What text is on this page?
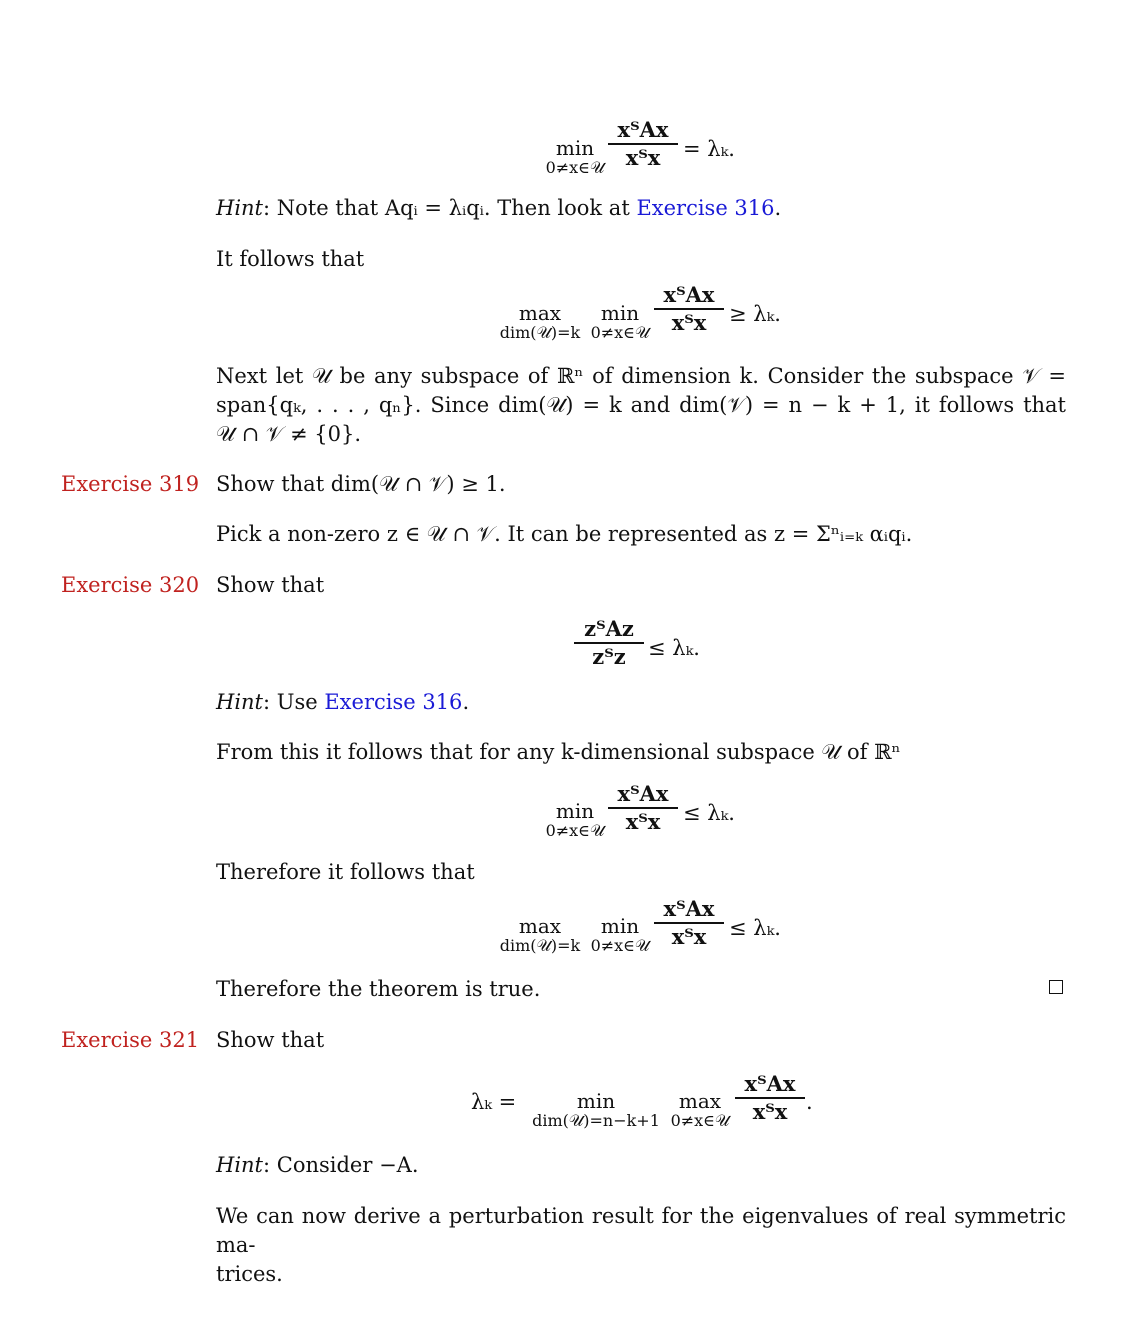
min
0≠x∈𝒰
xᵀAx
xᵀx	= λₖ.
Hint: Note that Aqᵢ = λᵢqᵢ. Then look at Exercise 316.
It follows that
max
dim(𝒰)=k
min
0≠x∈𝒰
xᵀAx
xᵀx	≥ λₖ.
Next let 𝒰 be any subspace of ℝⁿ of dimension k. Consider the subspace 𝒱 =
span{qₖ, . . . , qₙ}. Since dim(𝒰) = k and dim(𝒱) = n − k + 1, it follows that
𝒰 ∩ 𝒱 ≠ {0}.
Exercise 319 Show that dim(𝒰 ∩ 𝒱) ≥ 1.
Pick a non-zero z ∈ 𝒰 ∩ 𝒱. It can be represented as z = Σⁿᵢ₌ₖ αᵢqᵢ.
Exercise 320 Show that
zᵀAz
zᵀz	≤ λₖ.
Hint: Use Exercise 316.
From this it follows that for any k-dimensional subspace 𝒰 of ℝⁿ
min
0≠x∈𝒰
xᵀAx
xᵀx	≤ λₖ.
Therefore it follows that
max
dim(𝒰)=k
min
0≠x∈𝒰
xᵀAx
xᵀx	≤ λₖ.
Therefore the theorem is true.
Exercise 321 Show that
λₖ =	min
dim(𝒰)=n−k+1
max
0≠x∈𝒰
xᵀAx
xᵀx .
Hint: Consider −A.
We can now derive a perturbation result for the eigenvalues of real symmetric ma-
trices.
